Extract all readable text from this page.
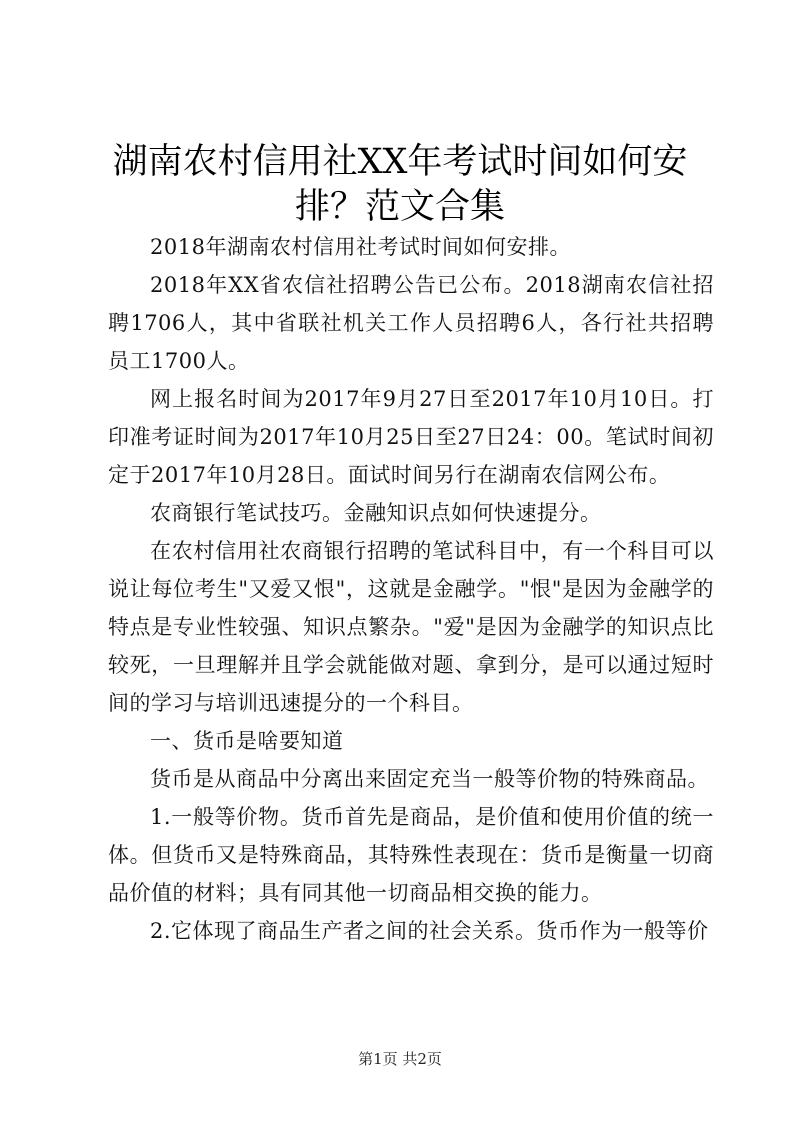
湖南农村信用社XX年考试时间如何安排？范文合集

2018年湖南农村信用社考试时间如何安排。

2018年XX省农信社招聘公告已公布。2018湖南农信社招聘1706人，其中省联社机关工作人员招聘6人，各行社共招聘员工1700人。

网上报名时间为2017年9月27日至2017年10月10日。打印准考证时间为2017年10月25日至27日24：00。笔试时间初定于2017年10月28日。面试时间另行在湖南农信网公布。

农商银行笔试技巧。金融知识点如何快速提分。

在农村信用社农商银行招聘的笔试科目中，有一个科目可以说让每位考生"又爱又恨"，这就是金融学。"恨"是因为金融学的特点是专业性较强、知识点繁杂。"爱"是因为金融学的知识点比较死，一旦理解并且学会就能做对题、拿到分，是可以通过短时间的学习与培训迅速提分的一个科目。

一、货币是啥要知道

货币是从商品中分离出来固定充当一般等价物的特殊商品。

1.一般等价物。货币首先是商品，是价值和使用价值的统一体。但货币又是特殊商品，其特殊性表现在：货币是衡量一切商品价值的材料；具有同其他一切商品相交换的能力。

2.它体现了商品生产者之间的社会关系。货币作为一般等价

第1页 共2页
